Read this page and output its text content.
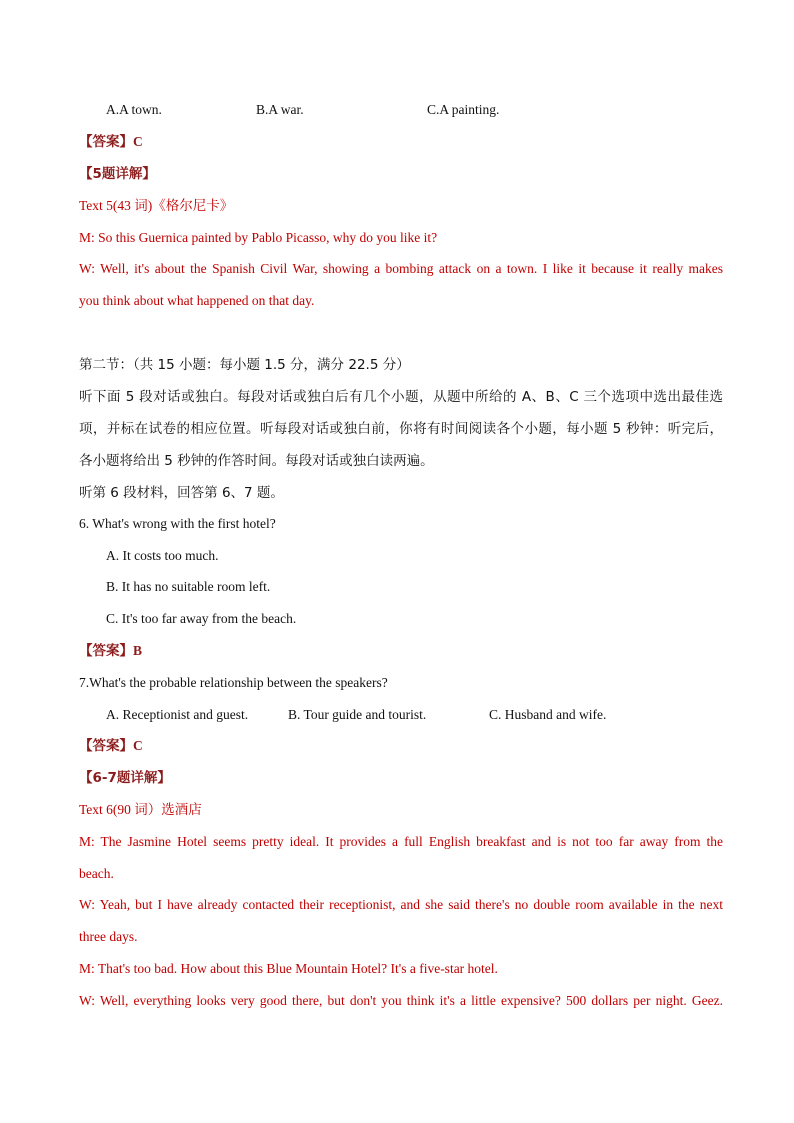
A.A town.	B.A war.	C.A painting.
【答案】C
【5题详解】
Text 5(43 词)《格尔尼卡》
M: So this Guernica painted by Pablo Picasso, why do you like it?
W: Well, it's about the Spanish Civil War, showing a bombing attack on a town. I like it because it really makes
you think about what happened on that day.
第二节：（共 15 小题：每小题 1.5 分，满分 22.5 分）
听下面 5 段对话或独白。每段对话或独白后有几个小题，从题中所给的 A、B、C 三个选项中选出最佳选
项，并标在试卷的相应位置。听每段对话或独白前，你将有时间阅读各个小题，每小题 5 秒钟：听完后，
各小题将给出 5 秒钟的作答时间。每段对话或独白读两遍。
听第 6 段材料，回答第 6、7 题。
6. What's wrong with the first hotel?
A. It costs too much.
B. It has no suitable room left.
C. It's too far away from the beach.
【答案】B
7.What's the probable relationship between the speakers?
A. Receptionist and guest.	B. Tour guide and tourist.	C. Husband and wife.
【答案】C
【6-7题详解】
Text 6(90 词）选酒店
M: The Jasmine Hotel seems pretty ideal. It provides a full English breakfast and is not too far away from the
beach.
W: Yeah, but I have already contacted their receptionist, and she said there's no double room available in the next
three days.
M: That's too bad. How about this Blue Mountain Hotel? It's a five-star hotel.
W: Well, everything looks very good there, but don't you think it's a little expensive? 500 dollars per night. Geez.
